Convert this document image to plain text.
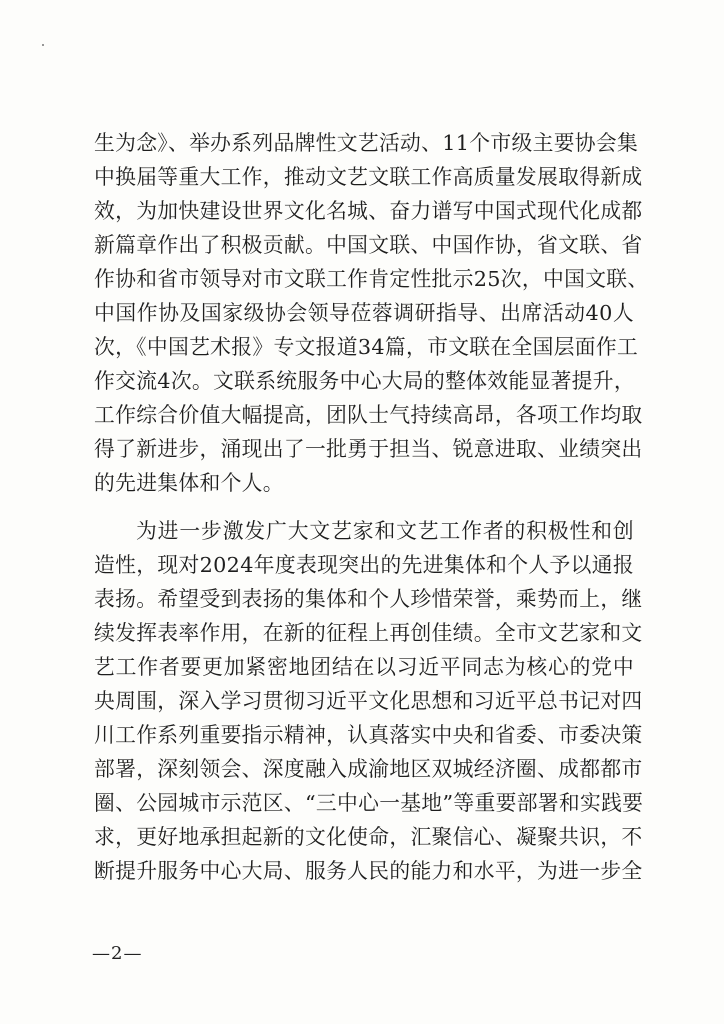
生为念》、举办系列品牌性文艺活动、11个市级主要协会集
中换届等重大工作，推动文艺文联工作高质量发展取得新成
效，为加快建设世界文化名城、奋力谱写中国式现代化成都
新篇章作出了积极贡献。中国文联、中国作协，省文联、省
作协和省市领导对市文联工作肯定性批示25次，中国文联、
中国作协及国家级协会领导莅蓉调研指导、出席活动40人
次，《中国艺术报》专文报道34篇，市文联在全国层面作工
作交流4次。文联系统服务中心大局的整体效能显著提升，
工作综合价值大幅提高，团队士气持续高昂，各项工作均取
得了新进步，涌现出了一批勇于担当、锐意进取、业绩突出
的先进集体和个人。
为进一步激发广大文艺家和文艺工作者的积极性和创
造性，现对2024年度表现突出的先进集体和个人予以通报
表扬。希望受到表扬的集体和个人珍惜荣誉，乘势而上，继
续发挥表率作用，在新的征程上再创佳绩。全市文艺家和文
艺工作者要更加紧密地团结在以习近平同志为核心的党中
央周围，深入学习贯彻习近平文化思想和习近平总书记对四
川工作系列重要指示精神，认真落实中央和省委、市委决策
部署，深刻领会、深度融入成渝地区双城经济圈、成都都市
圈、公园城市示范区、“三中心一基地”等重要部署和实践要
求，更好地承担起新的文化使命，汇聚信心、凝聚共识，不
断提升服务中心大局、服务人民的能力和水平，为进一步全
—2—
